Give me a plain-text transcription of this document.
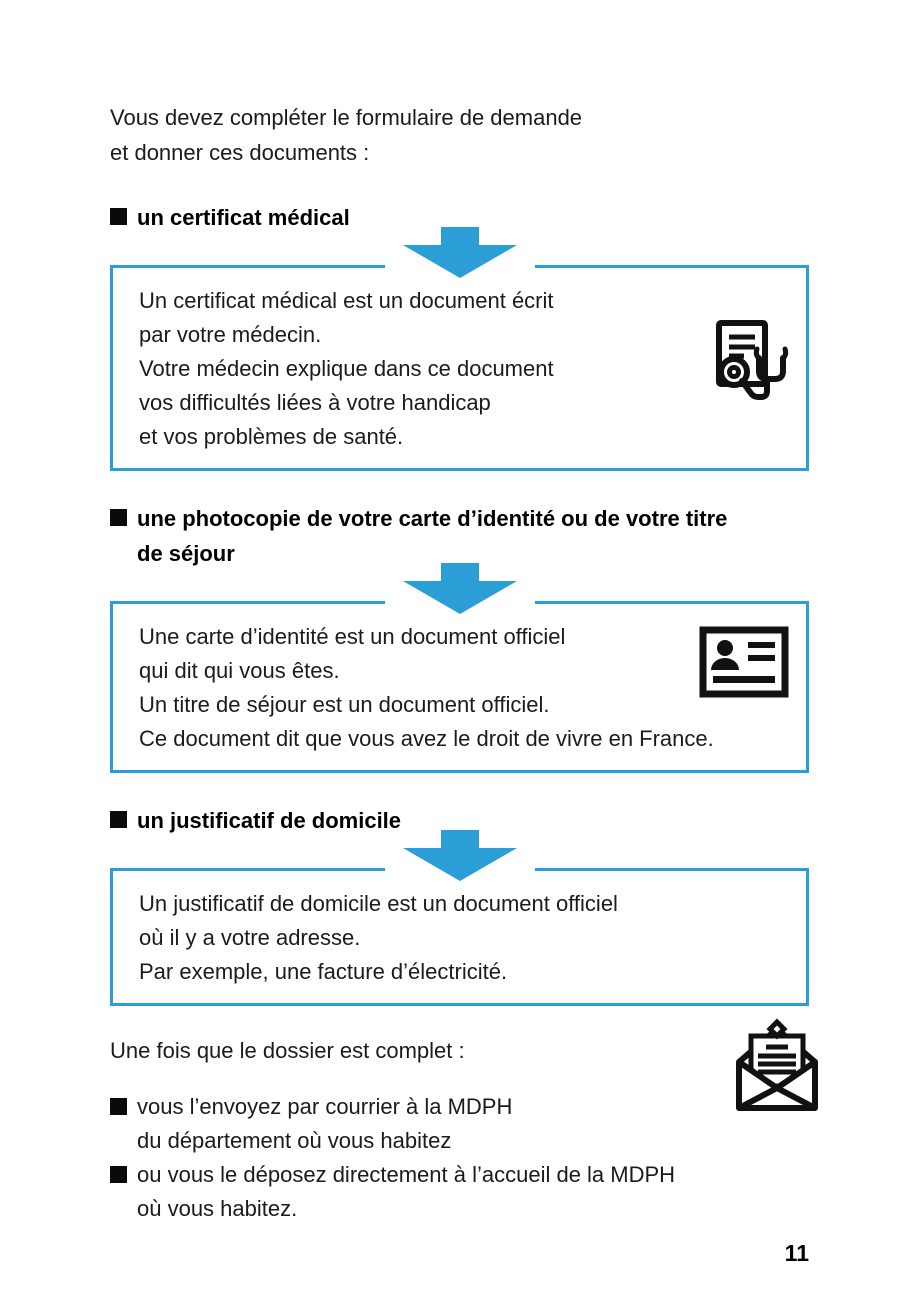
Vous devez compléter le formulaire de demande
et donner ces documents :

un certificat médical
Un certificat médical est un document écrit
par votre médecin.
Votre médecin explique dans ce document
vos difficultés liées à votre handicap
et vos problèmes de santé.
une photocopie de votre carte d’identité ou de votre titre
de séjour
Une carte d’identité est un document officiel
qui dit qui vous êtes.
Un titre de séjour est un document officiel.
Ce document dit que vous avez le droit de vivre en France.
un justificatif de domicile
Un justificatif de domicile est un document officiel
où il y a votre adresse.
Par exemple, une facture d’électricité.

Une fois que le dossier est complet :

vous l’envoyez par courrier à la MDPH
du département où vous habitez
ou vous le déposez directement à l’accueil de la MDPH
où vous habitez.
11
